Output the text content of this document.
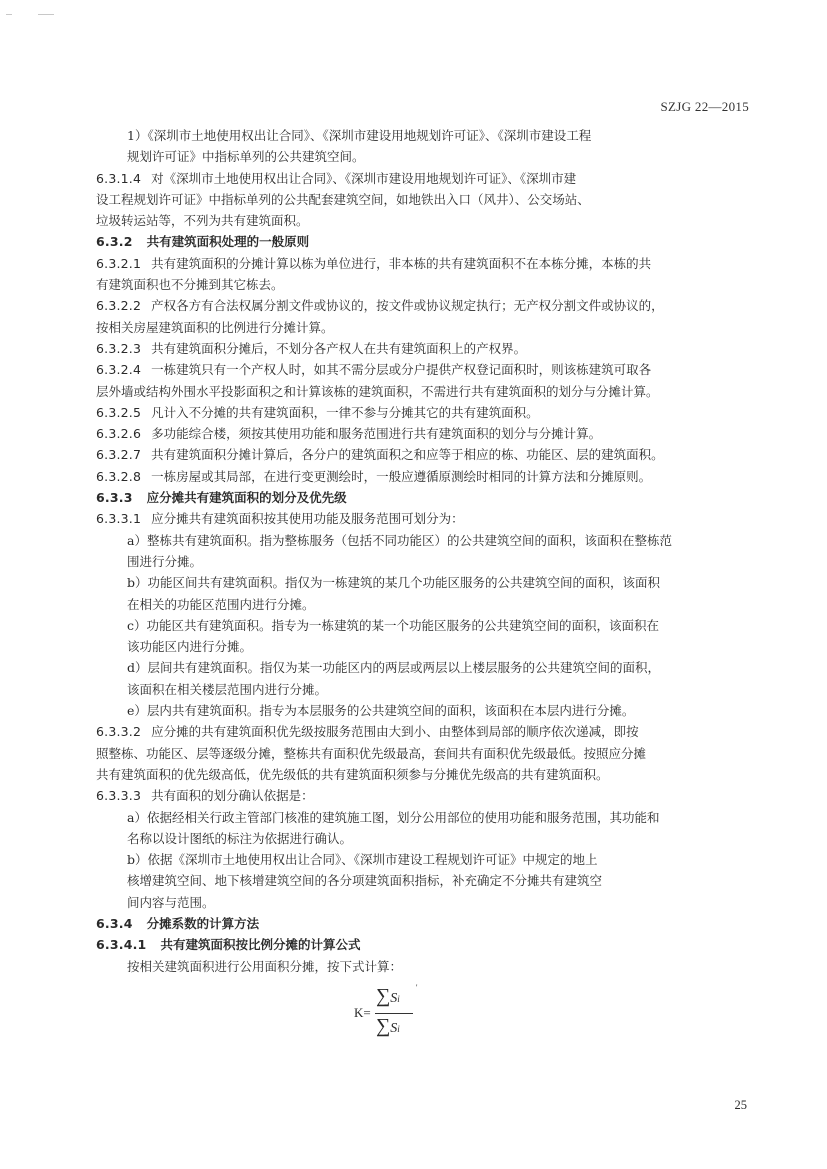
SZJG 22—2015

1）《深圳市土地使用权出让合同》、《深圳市建设用地规划许可证》、《深圳市建设工程

规划许可证》中指标单列的公共建筑空间。

6.3.1.4 对《深圳市土地使用权出让合同》、《深圳市建设用地规划许可证》、《深圳市建

设工程规划许可证》中指标单列的公共配套建筑空间，如地铁出入口（风井）、公交场站、

垃圾转运站等，不列为共有建筑面积。

6.3.2 共有建筑面积处理的一般原则

6.3.2.1 共有建筑面积的分摊计算以栋为单位进行，非本栋的共有建筑面积不在本栋分摊，本栋的共

有建筑面积也不分摊到其它栋去。

6.3.2.2 产权各方有合法权属分割文件或协议的，按文件或协议规定执行；无产权分割文件或协议的，

按相关房屋建筑面积的比例进行分摊计算。

6.3.2.3 共有建筑面积分摊后，不划分各产权人在共有建筑面积上的产权界。

6.3.2.4 一栋建筑只有一个产权人时，如其不需分层或分户提供产权登记面积时，则该栋建筑可取各

层外墙或结构外围水平投影面积之和计算该栋的建筑面积，不需进行共有建筑面积的划分与分摊计算。

6.3.2.5 凡计入不分摊的共有建筑面积，一律不参与分摊其它的共有建筑面积。

6.3.2.6 多功能综合楼，须按其使用功能和服务范围进行共有建筑面积的划分与分摊计算。

6.3.2.7 共有建筑面积分摊计算后，各分户的建筑面积之和应等于相应的栋、功能区、层的建筑面积。

6.3.2.8 一栋房屋或其局部，在进行变更测绘时，一般应遵循原测绘时相同的计算方法和分摊原则。

6.3.3 应分摊共有建筑面积的划分及优先级

6.3.3.1 应分摊共有建筑面积按其使用功能及服务范围可划分为：

a）整栋共有建筑面积。指为整栋服务（包括不同功能区）的公共建筑空间的面积，该面积在整栋范

围进行分摊。

b）功能区间共有建筑面积。指仅为一栋建筑的某几个功能区服务的公共建筑空间的面积，该面积

在相关的功能区范围内进行分摊。

c）功能区共有建筑面积。指专为一栋建筑的某一个功能区服务的公共建筑空间的面积，该面积在

该功能区内进行分摊。

d）层间共有建筑面积。指仅为某一功能区内的两层或两层以上楼层服务的公共建筑空间的面积，

该面积在相关楼层范围内进行分摊。

e）层内共有建筑面积。指专为本层服务的公共建筑空间的面积，该面积在本层内进行分摊。

6.3.3.2 应分摊的共有建筑面积优先级按服务范围由大到小、由整体到局部的顺序依次递减，即按

照整栋、功能区、层等逐级分摊，整栋共有面积优先级最高，套间共有面积优先级最低。按照应分摊

共有建筑面积的优先级高低，优先级低的共有建筑面积须参与分摊优先级高的共有建筑面积。

6.3.3.3 共有面积的划分确认依据是：

a）依据经相关行政主管部门核准的建筑施工图，划分公用部位的使用功能和服务范围，其功能和

名称以设计图纸的标注为依据进行确认。

b）依据《深圳市土地使用权出让合同》、《深圳市建设工程规划许可证》中规定的地上

核增建筑空间、地下核增建筑空间的各分项建筑面积指标，补充确定不分摊共有建筑空

间内容与范围。

6.3.4 分摊系数的计算方法

6.3.4.1 共有建筑面积按比例分摊的计算公式

按相关建筑面积进行公用面积分摊，按下式计算：

K=
∑Si
'
∑Si
25
